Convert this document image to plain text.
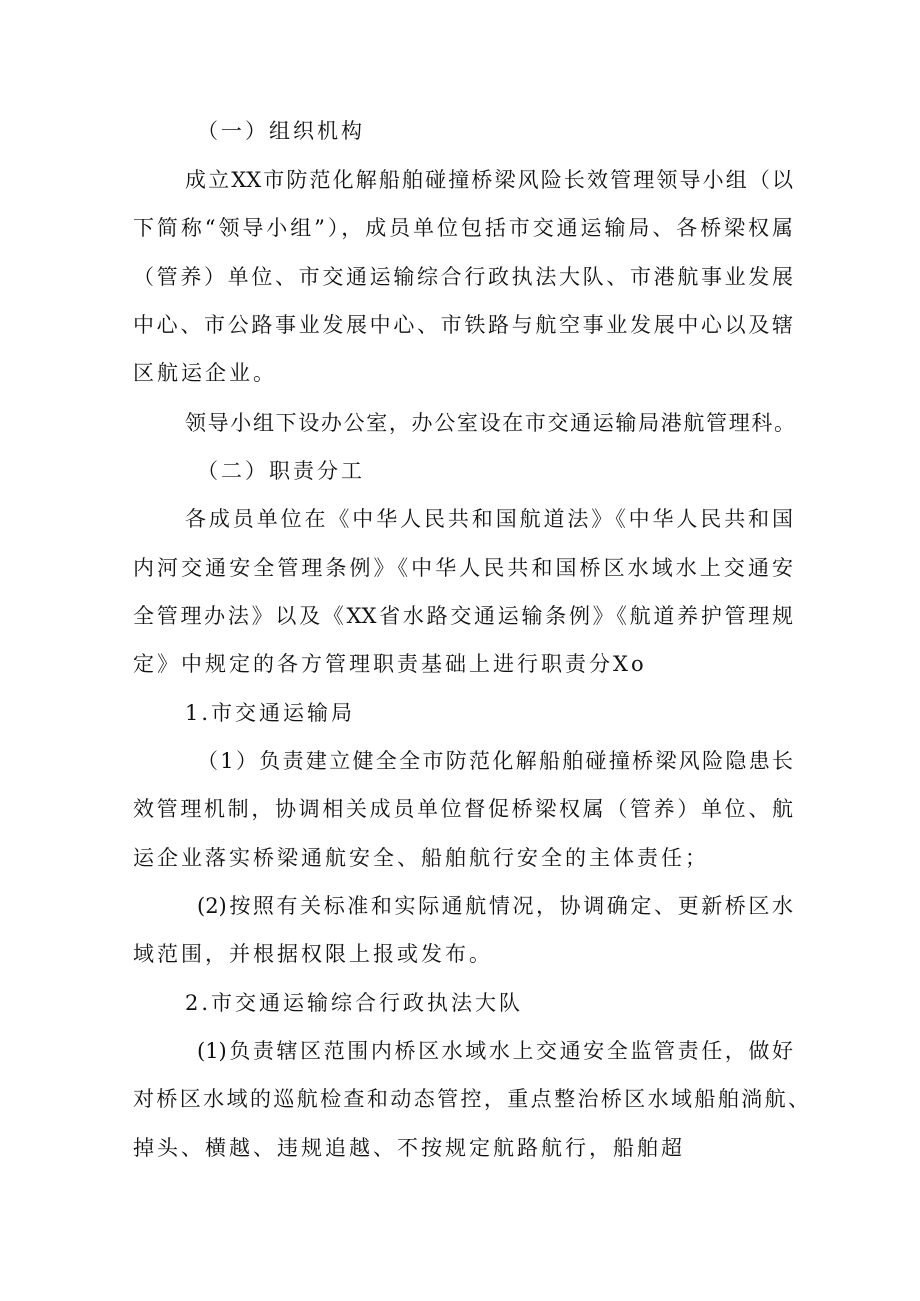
（一）组织机构

成立XX市防范化解船舶碰撞桥梁风险长效管理领导小组（以

下简称“领导小组”），成员单位包括市交通运输局、各桥梁权属

（管养）单位、市交通运输综合行政执法大队、市港航事业发展

中心、市公路事业发展中心、市铁路与航空事业发展中心以及辖

区航运企业。

领导小组下设办公室，办公室设在市交通运输局港航管理科。

（二）职责分工

各成员单位在《中华人民共和国航道法》《中华人民共和国

内河交通安全管理条例》《中华人民共和国桥区水域水上交通安

全管理办法》以及《XX省水路交通运输条例》《航道养护管理规

定》中规定的各方管理职责基础上进行职责分Xo

1.市交通运输局

（1）负责建立健全全市防范化解船舶碰撞桥梁风险隐患长

效管理机制，协调相关成员单位督促桥梁权属（管养）单位、航

运企业落实桥梁通航安全、船舶航行安全的主体责任；

(2)按照有关标准和实际通航情况，协调确定、更新桥区水

域范围，并根据权限上报或发布。

2.市交通运输综合行政执法大队

(1)负责辖区范围内桥区水域水上交通安全监管责任，做好

对桥区水域的巡航检查和动态管控，重点整治桥区水域船舶淌航、

掉头、横越、违规追越、不按规定航路航行，船舶超
